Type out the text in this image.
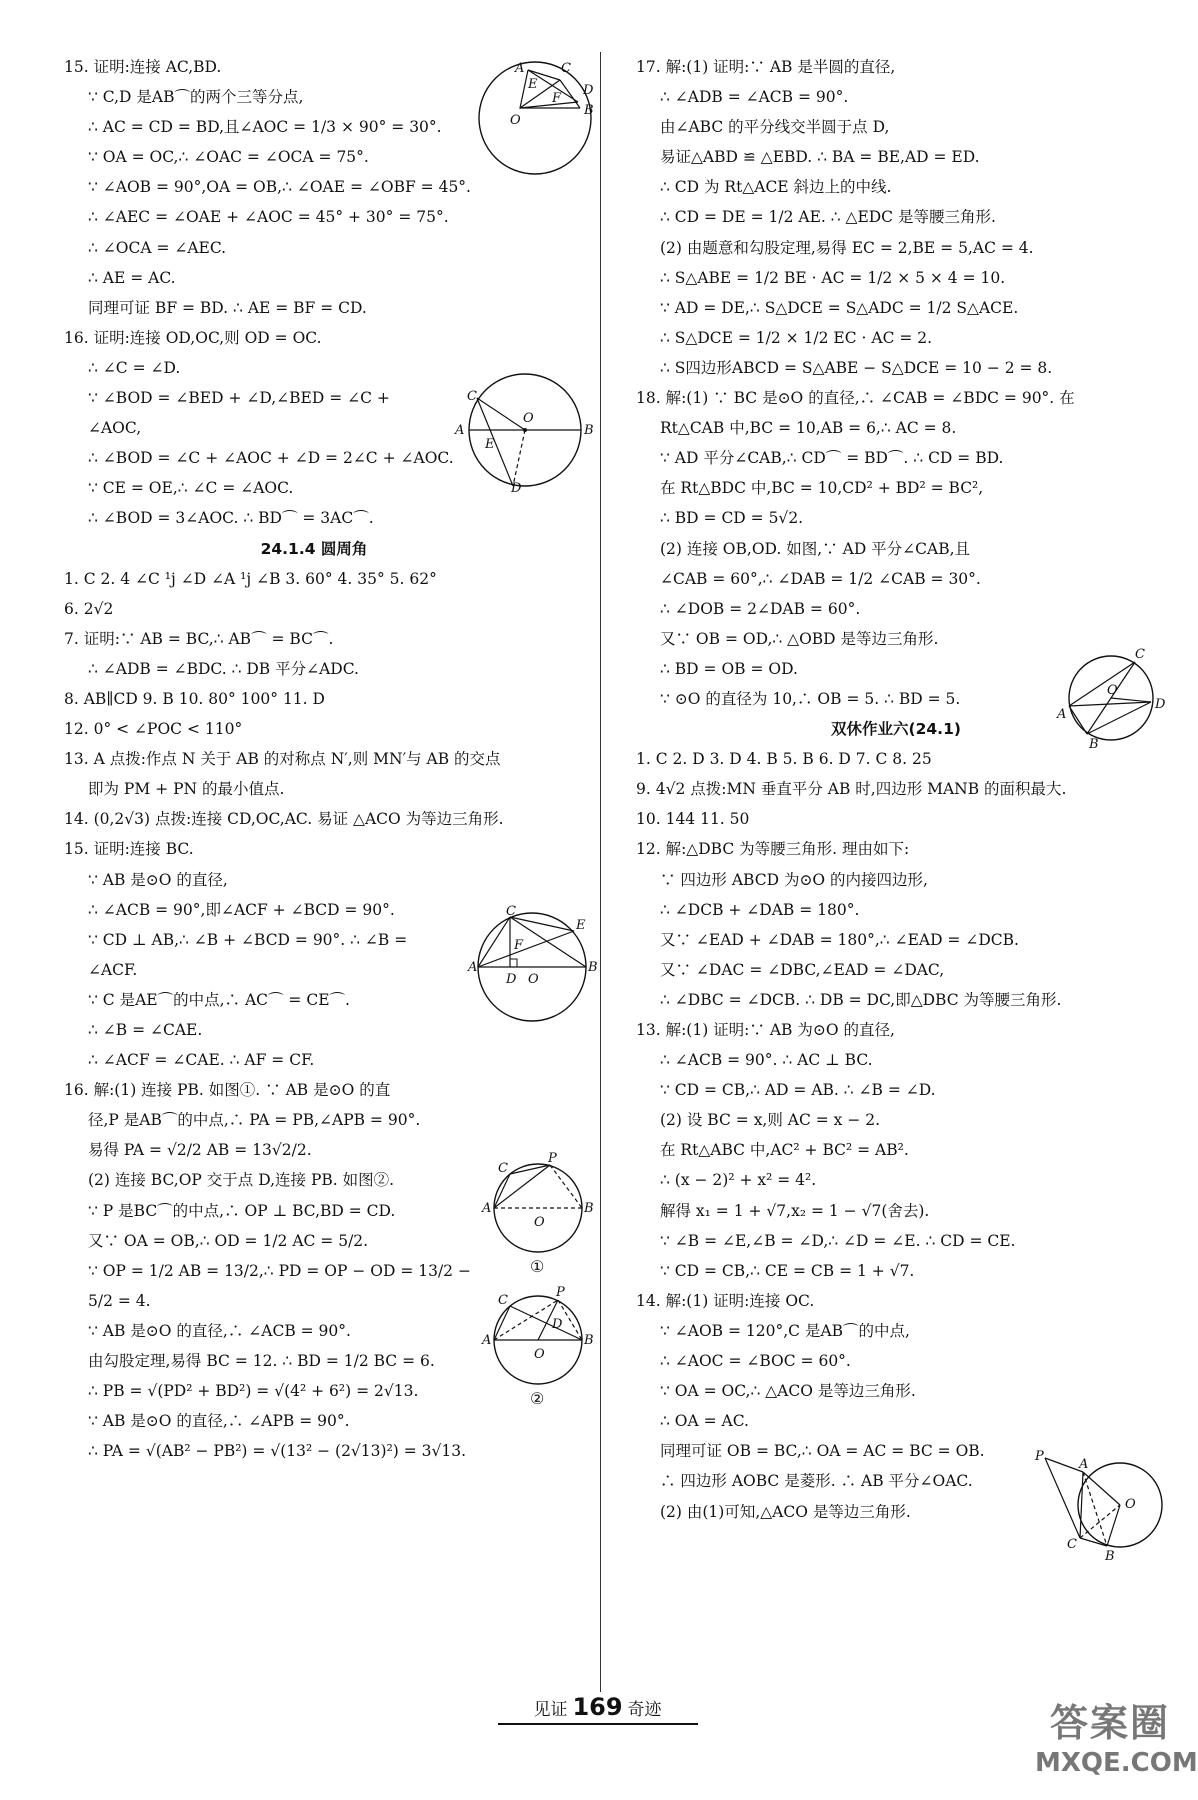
15. 证明:连接 AC,BD.
∵ C,D 是AB⌒的两个三等分点,
∴ AC = CD = BD,且∠AOC = 1/3 × 90° = 30°.
∵ OA = OC,∴ ∠OAC = ∠OCA = 75°.
∵ ∠AOB = 90°,OA = OB,∴ ∠OAE = ∠OBF = 45°.
∴ ∠AEC = ∠OAE + ∠AOC = 45° + 30° = 75°.
∴ ∠OCA = ∠AEC.
∴ AE = AC.
同理可证 BF = BD. ∴ AE = BF = CD.
16. 证明:连接 OD,OC,则 OD = OC.
∴ ∠C = ∠D.
∵ ∠BOD = ∠BED + ∠D,∠BED = ∠C +
∠AOC,
∴ ∠BOD = ∠C + ∠AOC + ∠D = 2∠C + ∠AOC.
∵ CE = OE,∴ ∠C = ∠AOC.
∴ ∠BOD = 3∠AOC. ∴ BD⌒ = 3AC⌒.
24.1.4 圆周角
1. C 2. 4 ∠C ¹j ∠D ∠A ¹j ∠B 3. 60° 4. 35° 5. 62°
6. 2√2
7. 证明:∵ AB = BC,∴ AB⌒ = BC⌒.
∴ ∠ADB = ∠BDC. ∴ DB 平分∠ADC.
8. AB∥CD 9. B 10. 80° 100° 11. D
12. 0° < ∠POC < 110°
13. A 点拨:作点 N 关于 AB 的对称点 N′,则 MN′与 AB 的交点
即为 PM + PN 的最小值点.
14. (0,2√3) 点拨:连接 CD,OC,AC. 易证 △ACO 为等边三角形.
15. 证明:连接 BC.
∵ AB 是⊙O 的直径,
∴ ∠ACB = 90°,即∠ACF + ∠BCD = 90°.
∵ CD ⊥ AB,∴ ∠B + ∠BCD = 90°. ∴ ∠B =
∠ACF.
∵ C 是AE⌒的中点,∴ AC⌒ = CE⌒.
∴ ∠B = ∠CAE.
∴ ∠ACF = ∠CAE. ∴ AF = CF.
16. 解:(1) 连接 PB. 如图①. ∵ AB 是⊙O 的直
径,P 是AB⌒的中点,∴ PA = PB,∠APB = 90°.
易得 PA = √2/2 AB = 13√2/2.
(2) 连接 BC,OP 交于点 D,连接 PB. 如图②.
∵ P 是BC⌒的中点,∴ OP ⊥ BC,BD = CD.
又∵ OA = OB,∴ OD = 1/2 AC = 5/2.
∵ OP = 1/2 AB = 13/2,∴ PD = OP − OD = 13/2 −
5/2 = 4.
∵ AB 是⊙O 的直径,∴ ∠ACB = 90°.
由勾股定理,易得 BC = 12. ∴ BD = 1/2 BC = 6.
∴ PB = √(PD² + BD²) = √(4² + 6²) = 2√13.
∵ AB 是⊙O 的直径,∴ ∠APB = 90°.
∴ PA = √(AB² − PB²) = √(13² − (2√13)²) = 3√13.
17. 解:(1) 证明:∵ AB 是半圆的直径,
∴ ∠ADB = ∠ACB = 90°.
由∠ABC 的平分线交半圆于点 D,
易证△ABD ≌ △EBD. ∴ BA = BE,AD = ED.
∴ CD 为 Rt△ACE 斜边上的中线.
∴ CD = DE = 1/2 AE. ∴ △EDC 是等腰三角形.
(2) 由题意和勾股定理,易得 EC = 2,BE = 5,AC = 4.
∴ S△ABE = 1/2 BE · AC = 1/2 × 5 × 4 = 10.
∵ AD = DE,∴ S△DCE = S△ADC = 1/2 S△ACE.
∴ S△DCE = 1/2 × 1/2 EC · AC = 2.
∴ S四边形ABCD = S△ABE − S△DCE = 10 − 2 = 8.
18. 解:(1) ∵ BC 是⊙O 的直径,∴ ∠CAB = ∠BDC = 90°. 在
Rt△CAB 中,BC = 10,AB = 6,∴ AC = 8.
∵ AD 平分∠CAB,∴ CD⌒ = BD⌒. ∴ CD = BD.
在 Rt△BDC 中,BC = 10,CD² + BD² = BC²,
∴ BD = CD = 5√2.
(2) 连接 OB,OD. 如图,∵ AD 平分∠CAB,且
∠CAB = 60°,∴ ∠DAB = 1/2 ∠CAB = 30°.
∴ ∠DOB = 2∠DAB = 60°.
又∵ OB = OD,∴ △OBD 是等边三角形.
∴ BD = OB = OD.
∵ ⊙O 的直径为 10,∴ OB = 5. ∴ BD = 5.
双休作业六(24.1)
1. C 2. D 3. D 4. B 5. B 6. D 7. C 8. 25
9. 4√2 点拨:MN 垂直平分 AB 时,四边形 MANB 的面积最大.
10. 144 11. 50
12. 解:△DBC 为等腰三角形. 理由如下:
∵ 四边形 ABCD 为⊙O 的内接四边形,
∴ ∠DCB + ∠DAB = 180°.
又∵ ∠EAD + ∠DAB = 180°,∴ ∠EAD = ∠DCB.
又∵ ∠DAC = ∠DBC,∠EAD = ∠DAC,
∴ ∠DBC = ∠DCB. ∴ DB = DC,即△DBC 为等腰三角形.
13. 解:(1) 证明:∵ AB 为⊙O 的直径,
∴ ∠ACB = 90°. ∴ AC ⊥ BC.
∵ CD = CB,∴ AD = AB. ∴ ∠B = ∠D.
(2) 设 BC = x,则 AC = x − 2.
在 Rt△ABC 中,AC² + BC² = AB².
∴ (x − 2)² + x² = 4².
解得 x₁ = 1 + √7,x₂ = 1 − √7(舍去).
∵ ∠B = ∠E,∠B = ∠D,∴ ∠D = ∠E. ∴ CD = CE.
∵ CD = CB,∴ CE = CB = 1 + √7.
14. 解:(1) 证明:连接 OC.
∵ ∠AOB = 120°,C 是AB⌒的中点,
∴ ∠AOC = ∠BOC = 60°.
∵ OA = OC,∴ △ACO 是等边三角形.
∴ OA = AC.
同理可证 OB = BC,∴ OA = AC = BC = OB.
∴ 四边形 AOBC 是菱形. ∴ AB 平分∠OAC.
(2) 由(1)可知,△ACO 是等边三角形.
A	C
E	D
F
O
B
C
A
E
O
B
D
C
E
F
A
D O
B
C
P
A
O
B
①
C
P
D
A
O
B
②
C
O
D
A
B
P
A
O
C
B
见证 169 奇迹	答案圈
MXQE.COM
